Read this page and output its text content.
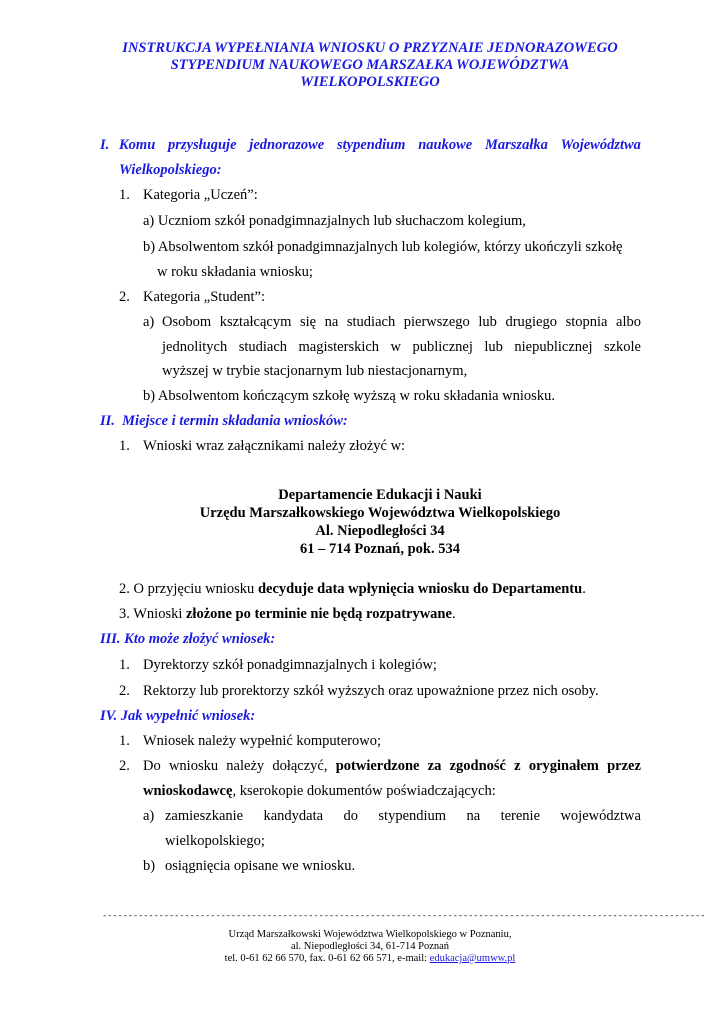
INSTRUKCJA WYPEŁNIANIA WNIOSKU O PRZYZNAIE JEDNORAZOWEGO
STYPENDIUM NAUKOWEGO MARSZAŁKA WOJEWÓDZTWA
WIELKOPOLSKIEGO
I. Komu przysługuje jednorazowe stypendium naukowe Marszałka Województwa
Wielkopolskiego:
1. Kategoria „Uczeń”:
a) Uczniom szkół ponadgimnazjalnych lub słuchaczom kolegium,
b) Absolwentom szkół ponadgimnazjalnych lub kolegiów, którzy ukończyli szkołę
w roku składania wniosku;
2. Kategoria „Student”:
a) Osobom kształcącym się na studiach pierwszego lub drugiego stopnia albo
jednolitych studiach magisterskich w publicznej lub niepublicznej szkole
wyższej w trybie stacjonarnym lub niestacjonarnym,
b) Absolwentom kończącym szkołę wyższą w roku składania wniosku.
II.  Miejsce i termin składania wniosków:
1. Wnioski wraz załącznikami należy złożyć w:
Departamencie Edukacji i Nauki
Urzędu Marszałkowskiego Województwa Wielkopolskiego
Al. Niepodległości 34
61 – 714 Poznań, pok. 534
2. O przyjęciu wniosku decyduje data wpłynięcia wniosku do Departamentu.
3. Wnioski złożone po terminie nie będą rozpatrywane.
III. Kto może złożyć wniosek:
1. Dyrektorzy szkół ponadgimnazjalnych i kolegiów;
2. Rektorzy lub prorektorzy szkół wyższych oraz upoważnione przez nich osoby.
IV. Jak wypełnić wniosek:
1. Wniosek należy wypełnić komputerowo;
2. Do wniosku należy dołączyć, potwierdzone za zgodność z oryginałem przez
wnioskodawcę, kserokopie dokumentów poświadczających:
a) zamieszkanie kandydata do stypendium na terenie województwa
wielkopolskiego;
b) osiągnięcia opisane we wniosku.
---------------------------------------------------------------------------------------------------------------------
Urząd Marszałkowski Województwa Wielkopolskiego w Poznaniu,
al. Niepodległości 34, 61-714 Poznań
tel. 0-61 62 66 570, fax. 0-61 62 66 571, e-mail: edukacja@umww.pl
